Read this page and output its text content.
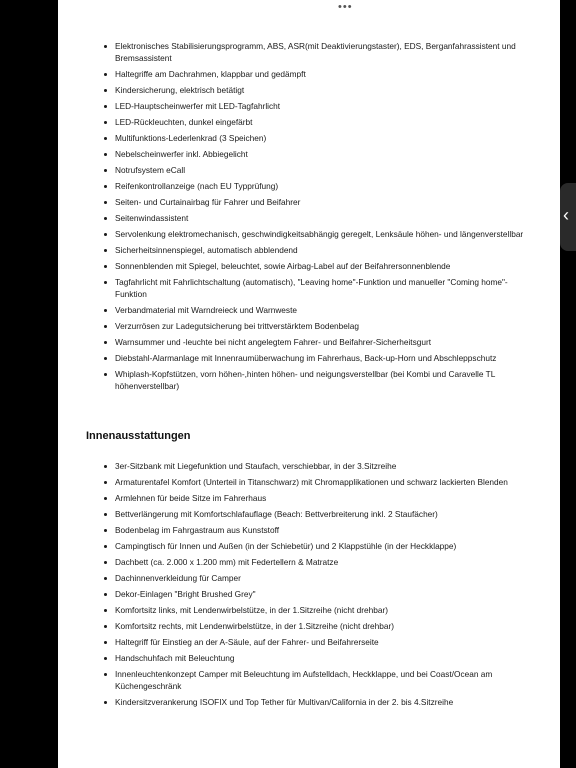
•••
Elektronisches Stabilisierungsprogramm, ABS, ASR(mit Deaktivierungstaster), EDS, Berganfahrassistent und Bremsassistent
Haltegriffe am Dachrahmen, klappbar und gedämpft
Kindersicherung, elektrisch betätigt
LED-Hauptscheinwerfer mit LED-Tagfahrlicht
LED-Rückleuchten, dunkel eingefärbt
Multifunktions-Lederlenkrad (3 Speichen)
Nebelscheinwerfer inkl. Abbiegelicht
Notrufsystem eCall
Reifenkontrollanzeige (nach EU Typprüfung)
Seiten- und Curtainairbag für Fahrer und Beifahrer
Seitenwindassistent
Servolenkung elektromechanisch, geschwindigkeitsabhängig geregelt, Lenksäule höhen- und längenverstellbar
Sicherheitsinnenspiegel, automatisch abblendend
Sonnenblenden mit Spiegel, beleuchtet, sowie Airbag-Label auf der Beifahrersonnenblende
Tagfahrlicht mit Fahrlichtschaltung (automatisch), "Leaving home"-Funktion und manueller "Coming home"-Funktion
Verbandmaterial mit Warndreieck und Warnweste
Verzurrösen zur Ladegutsicherung bei trittverstärktem Bodenbelag
Warnsummer und -leuchte bei nicht angelegtem Fahrer- und Beifahrer-Sicherheitsgurt
Diebstahl-Alarmanlage mit Innenraumüberwachung im Fahrerhaus, Back-up-Horn und Abschleppschutz
Whiplash-Kopfstützen, vorn höhen-,hinten höhen- und neigungsverstellbar (bei Kombi und Caravelle TL höhenverstellbar)
Innenausstattungen
3er-Sitzbank mit Liegefunktion und Staufach, verschiebbar, in der 3.Sitzreihe
Armaturentafel Komfort (Unterteil in Titanschwarz) mit Chromapplikationen und schwarz lackierten Blenden
Armlehnen für beide Sitze im Fahrerhaus
Bettverlängerung mit Komfortschlafauflage (Beach: Bettverbreiterung inkl. 2 Staufächer)
Bodenbelag im Fahrgastraum aus Kunststoff
Campingtisch für Innen und Außen (in der Schiebetür) und 2 Klappstühle (in der Heckklappe)
Dachbett (ca. 2.000 x 1.200 mm) mit Federtellern & Matratze
Dachinnenverkleidung für Camper
Dekor-Einlagen "Bright Brushed Grey"
Komfortsitz links, mit Lendenwirbelstütze, in der 1.Sitzreihe (nicht drehbar)
Komfortsitz rechts, mit Lendenwirbelstütze, in der 1.Sitzreihe (nicht drehbar)
Haltegriff für Einstieg an der A-Säule, auf der Fahrer- und Beifahrerseite
Handschuhfach mit Beleuchtung
Innenleuchtenkonzept Camper mit Beleuchtung im Aufstelldach, Heckklappe, und bei Coast/Ocean am Küchengeschränk
Kindersitzverankerung ISOFIX und Top Tether für Multivan/California in der 2. bis 4.Sitzreihe
‹
